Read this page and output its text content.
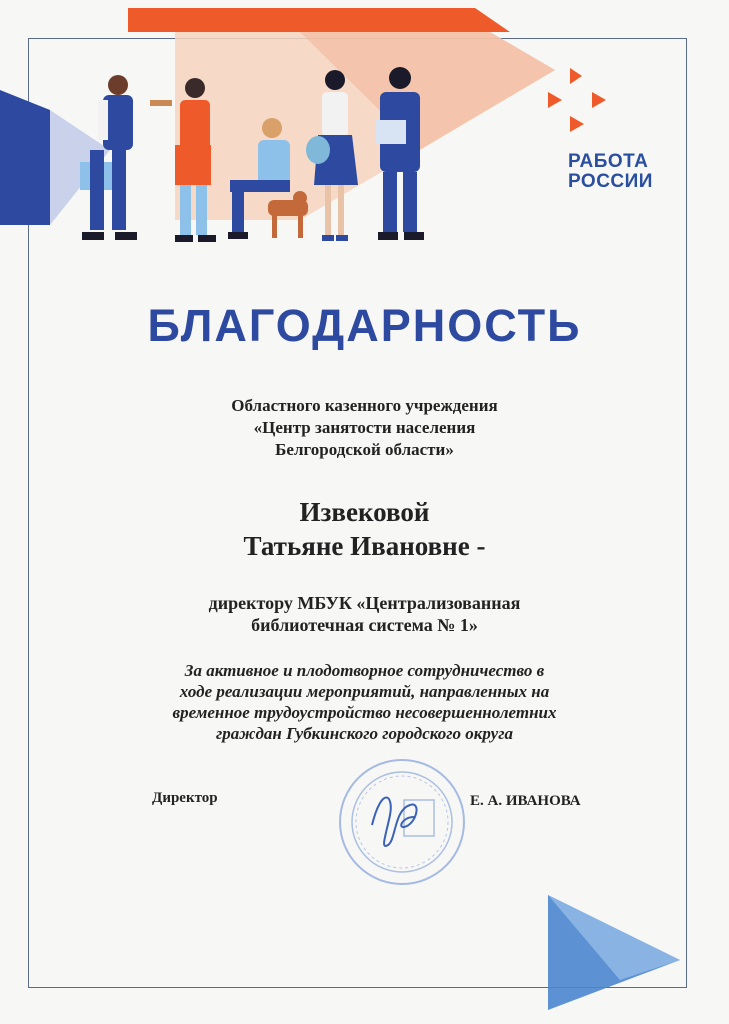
РАБОТА
РОССИИ
БЛАГОДАРНОСТЬ
Областного казенного учреждения
«Центр занятости населения
Белгородской области»
Извековой
Татьяне Ивановне -
директору МБУК «Централизованная
библиотечная система № 1»
За активное и плодотворное сотрудничество в
ходе реализации мероприятий, направленных на
временное трудоустройство несовершеннолетних
граждан Губкинского городского округа
Директор	Е. А. ИВАНОВА
